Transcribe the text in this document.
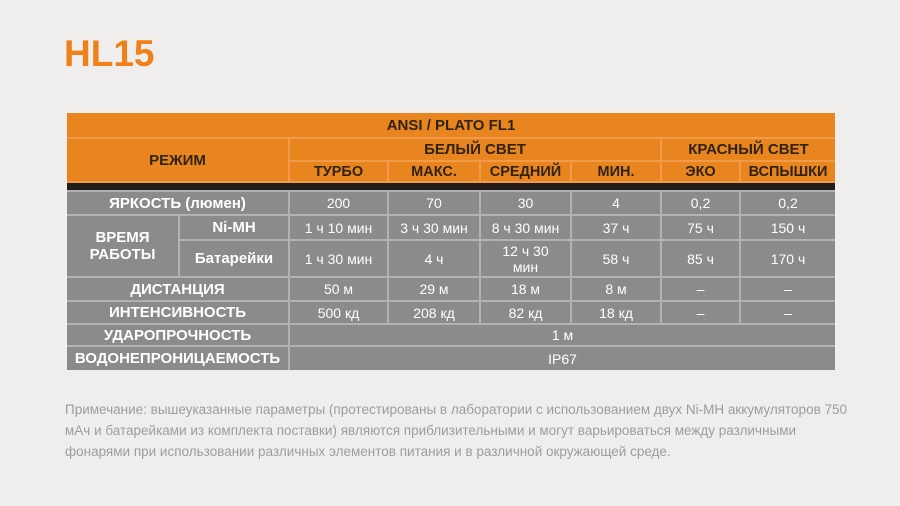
HL15
ANSI / PLATO FL1							
РЕЖИМ		БЕЛЫЙ СВЕТ				КРАСНЫЙ СВЕТ	
		ТУРБО	МАКС.	СРЕДНИЙ	МИН.	ЭКО	ВСПЫШКИ

ЯРКОСТЬ (люмен)		200	70	30	4	0,2	0,2
ВРЕМЯ РАБОТЫ	Ni-MH	1 ч 10 мин	3 ч 30 мин	8 ч 30 мин	37 ч	75 ч	150 ч
	Батарейки	1 ч 30 мин	4 ч	12 ч 30 мин	58 ч	85 ч	170 ч
ДИСТАНЦИЯ		50 м	29 м	18 м	8 м	–	–
ИНТЕНСИВНОСТЬ		500 кд	208 кд	82 кд	18 кд	–	–
УДАРОПРОЧНОСТЬ		1 м					
ВОДОНЕПРОНИЦАЕМОСТЬ		IP67					
Примечание: вышеуказанные параметры (протестированы в лаборатории с использованием двух Ni-MH аккумуляторов 750 мАч и батарейками из комплекта поставки) являются приблизительными и могут варьироваться между различными фонарями при использовании различных элементов питания и в различной окружающей среде.
